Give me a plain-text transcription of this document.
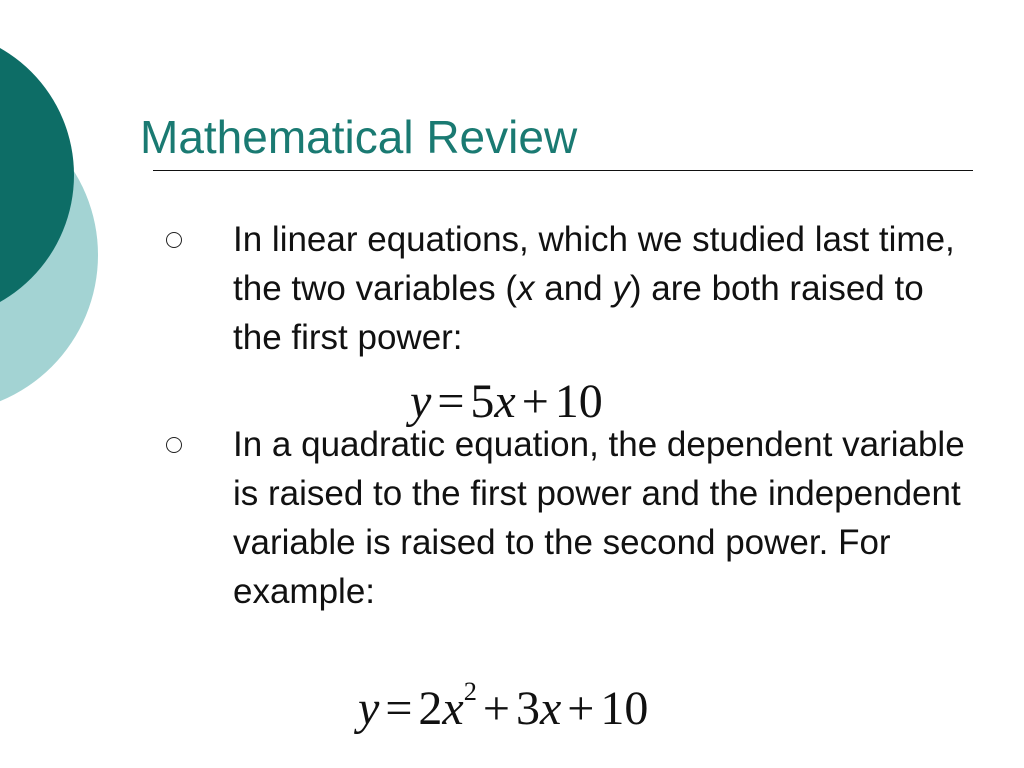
Mathematical Review
In linear equations, which we studied last time, the two variables (x and y) are both raised to the first power:
y = 5x + 10
In a quadratic equation, the dependent variable is raised to the first power and the independent variable is raised to the second power. For example:
$y = 2x^2 + 3x + 10$
